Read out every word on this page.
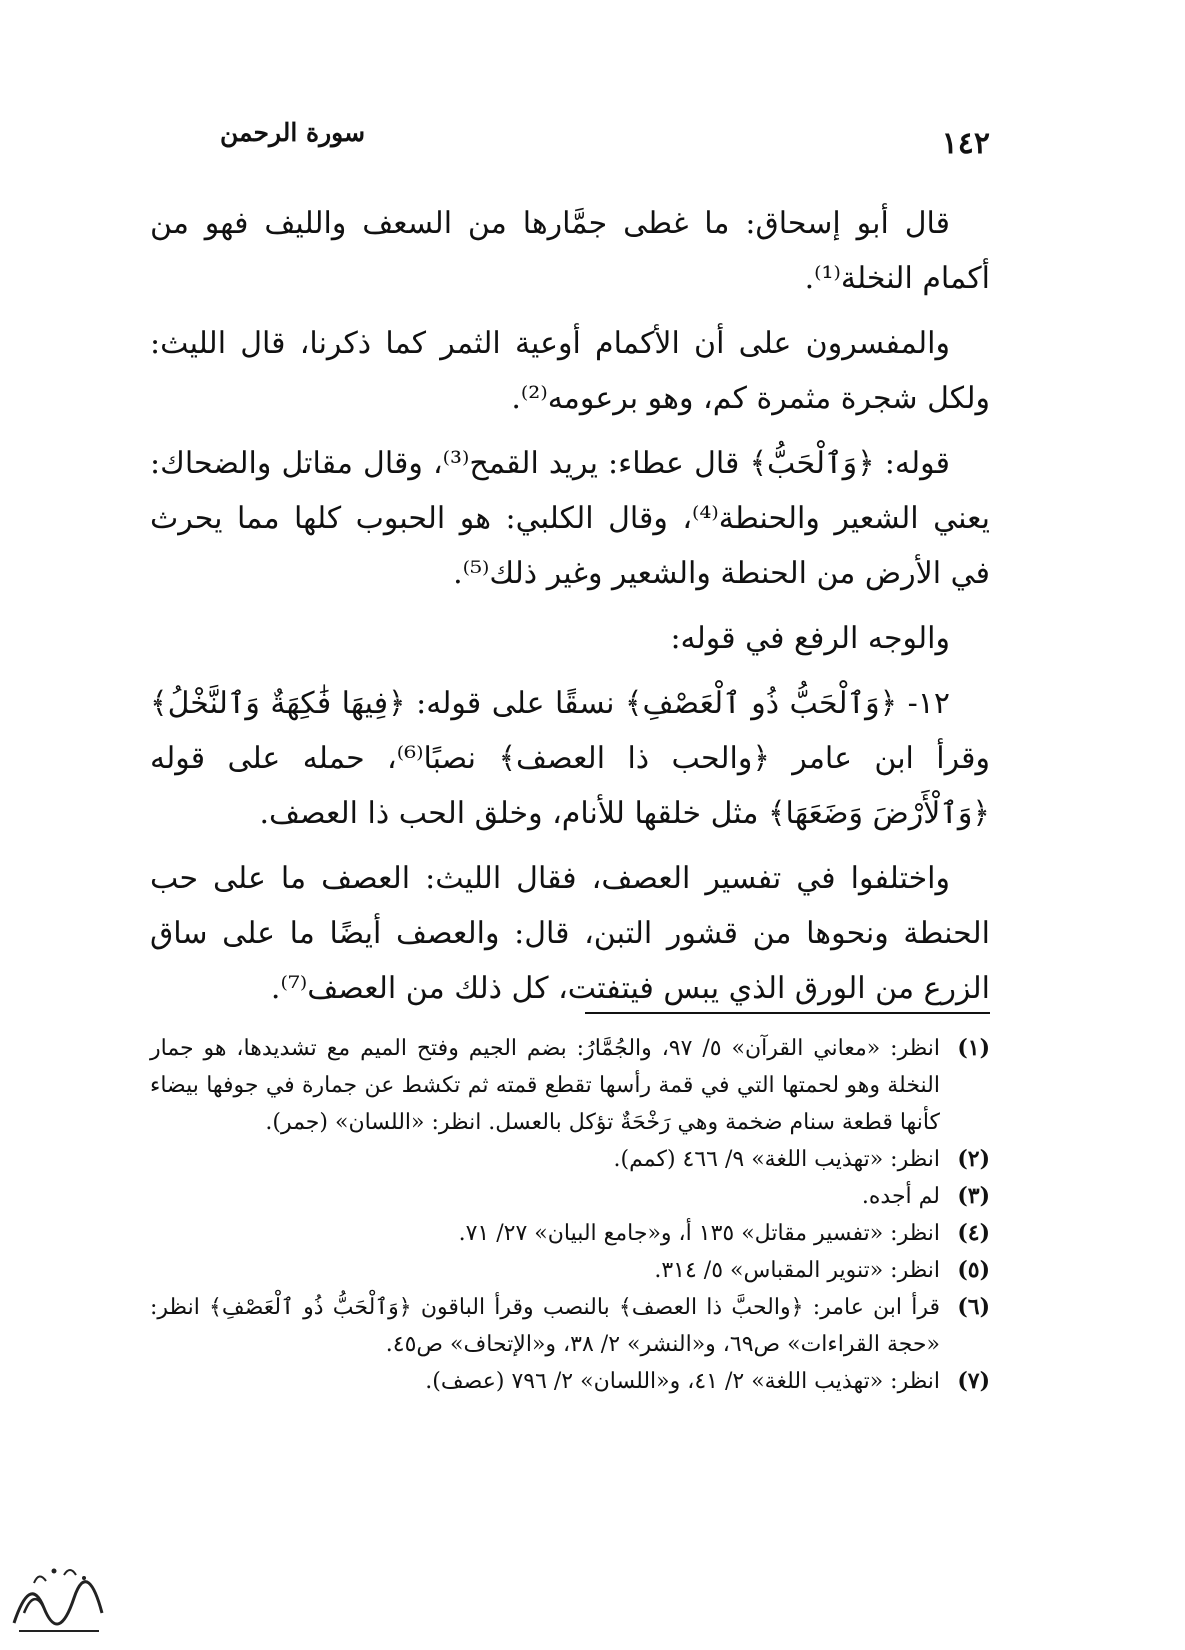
١٤٢
سورة الرحمن

قال أبو إسحاق: ما غطى جمَّارها من السعف والليف فهو من أكمام النخلة⁽¹⁾.

والمفسرون على أن الأكمام أوعية الثمر كما ذكرنا، قال الليث: ولكل شجرة مثمرة كم، وهو برعومه⁽²⁾.

قوله: ﴿وَٱلْحَبُّ﴾ قال عطاء: يريد القمح⁽³⁾، وقال مقاتل والضحاك: يعني الشعير والحنطة⁽⁴⁾، وقال الكلبي: هو الحبوب كلها مما يحرث في الأرض من الحنطة والشعير وغير ذلك⁽⁵⁾.

والوجه الرفع في قوله:

١٢- ﴿وَٱلْحَبُّ ذُو ٱلْعَصْفِ﴾ نسقًا على قوله: ﴿فِيهَا فَٰكِهَةٌ وَٱلنَّخْلُ﴾ وقرأ ابن عامر ﴿والحب ذا العصف﴾ نصبًا⁽⁶⁾، حمله على قوله ﴿وَٱلْأَرْضَ وَضَعَهَا﴾ مثل خلقها للأنام، وخلق الحب ذا العصف.

واختلفوا في تفسير العصف، فقال الليث: العصف ما على حب الحنطة ونحوها من قشور التبن، قال: والعصف أيضًا ما على ساق الزرع من الورق الذي يبس فيتفتت، كل ذلك من العصف⁽⁷⁾.

(١)
انظر: «معاني القرآن» ٥/ ٩٧، والجُمَّارُ: بضم الجيم وفتح الميم مع تشديدها، هو جمار النخلة وهو لحمتها التي في قمة رأسها تقطع قمته ثم تكشط عن جمارة في جوفها بيضاء كأنها قطعة سنام ضخمة وهي رَخْحَةٌ تؤكل بالعسل. انظر: «اللسان» (جمر).
(٢)
انظر: «تهذيب اللغة» ٩/ ٤٦٦ (كمم).
(٣)
لم أجده.
(٤)
انظر: «تفسير مقاتل» ١٣٥ أ، و«جامع البيان» ٢٧/ ٧١.
(٥)
انظر: «تنوير المقباس» ٥/ ٣١٤.
(٦)
قرأ ابن عامر: ﴿والحبَّ ذا العصف﴾ بالنصب وقرأ الباقون ﴿وَٱلْحَبُّ ذُو ٱلْعَصْفِ﴾ انظر: «حجة القراءات» ص٦٩، و«النشر» ٢/ ٣٨، و«الإتحاف» ص٤٥.
(٧)
انظر: «تهذيب اللغة» ٢/ ٤١، و«اللسان» ٢/ ٧٩٦ (عصف).
